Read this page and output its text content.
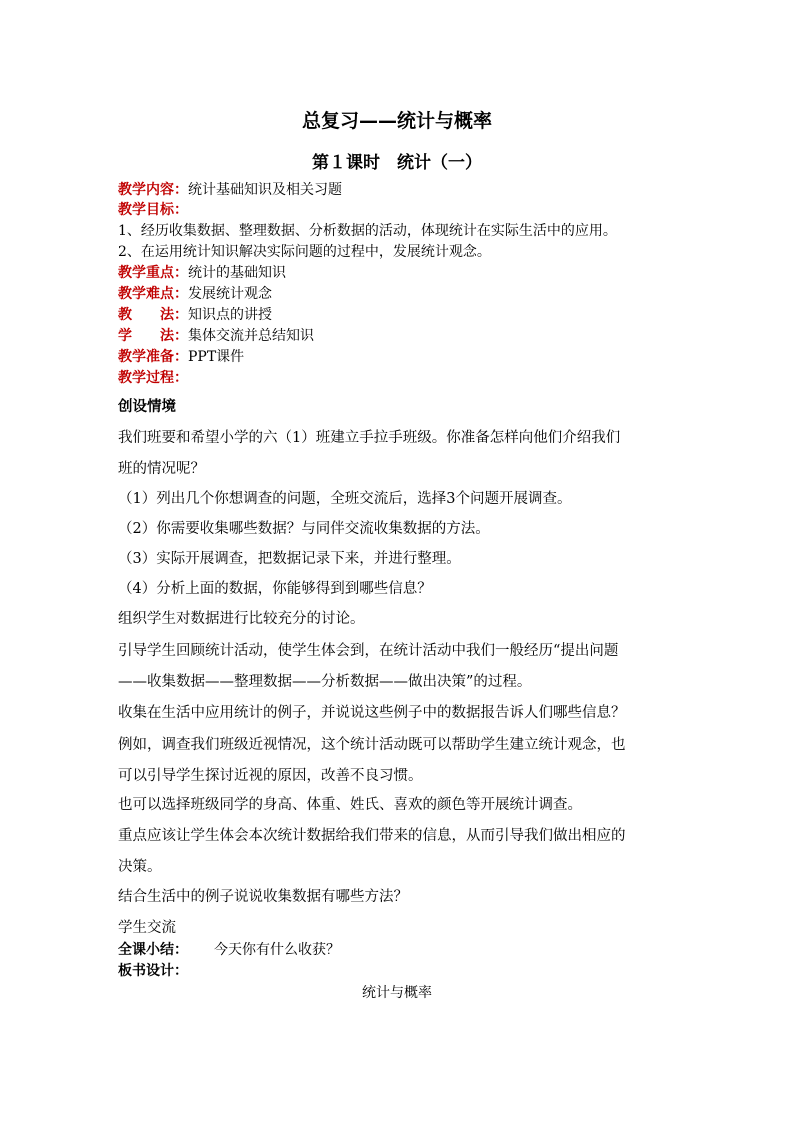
总复习——统计与概率
第１课时　统计（一）
教学内容：统计基础知识及相关习题
教学目标：
1、经历收集数据、整理数据、分析数据的活动，体现统计在实际生活中的应用。
2、在运用统计知识解决实际问题的过程中，发展统计观念。
教学重点：统计的基础知识
教学难点：发展统计观念
教　　法：知识点的讲授
学　　法：集体交流并总结知识
教学准备：PPT课件
教学过程：
创设情境
我们班要和希望小学的六（1）班建立手拉手班级。你准备怎样向他们介绍我们
班的情况呢？
（1）列出几个你想调查的问题，全班交流后，选择3个问题开展调查。
（2）你需要收集哪些数据？与同伴交流收集数据的方法。
（3）实际开展调查，把数据记录下来，并进行整理。
（4）分析上面的数据，你能够得到到哪些信息？
组织学生对数据进行比较充分的讨论。
引导学生回顾统计活动，使学生体会到，在统计活动中我们一般经历“提出问题
——收集数据——整理数据——分析数据——做出决策”的过程。
收集在生活中应用统计的例子，并说说这些例子中的数据报告诉人们哪些信息？
例如，调查我们班级近视情况，这个统计活动既可以帮助学生建立统计观念，也
可以引导学生探讨近视的原因，改善不良习惯。
也可以选择班级同学的身高、体重、姓氏、喜欢的颜色等开展统计调查。
重点应该让学生体会本次统计数据给我们带来的信息，从而引导我们做出相应的
决策。
结合生活中的例子说说收集数据有哪些方法？
学生交流
全课小结： 今天你有什么收获？
板书设计：
统计与概率
